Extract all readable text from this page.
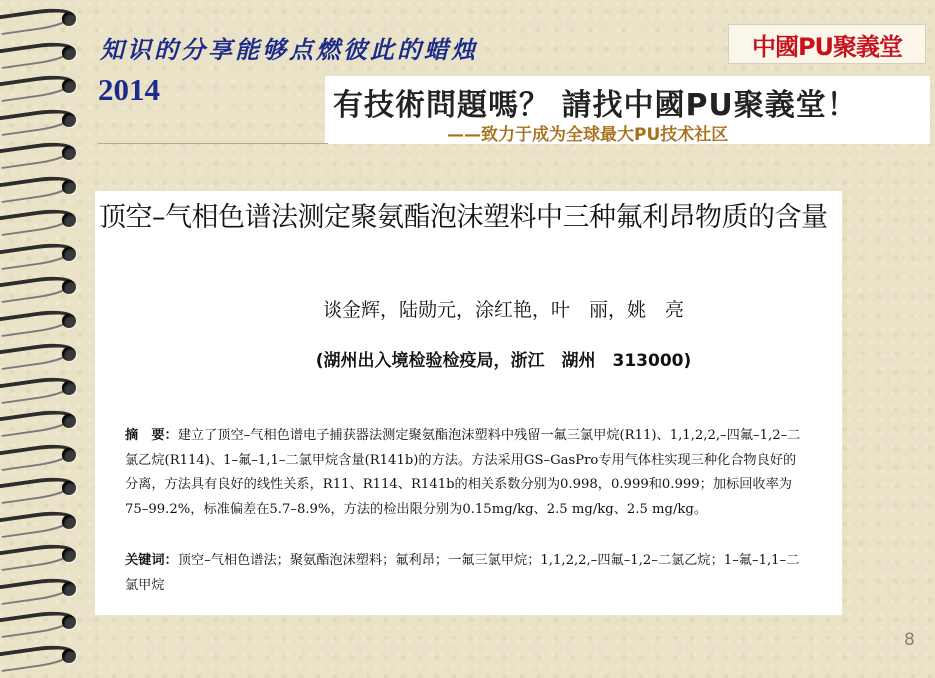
知识的分享能够点燃彼此的蜡烛
2014
中國PU聚義堂
有技術問題嗎？ 請找中國PU聚義堂！
——致力于成为全球最大PU技术社区
顶空–气相色谱法测定聚氨酯泡沫塑料中三种氟利昂物质的含量
谈金辉，陆勋元，涂红艳，叶　丽，姚　亮
(湖州出入境检验检疫局，浙江　湖州　313000)

摘　要：建立了顶空–气相色谱电子捕获器法测定聚氨酯泡沫塑料中残留一氟三氯甲烷(R11)、1,1,2,2,–四氟–1,2–二氯乙烷(R114)、1–氟–1,1–二氯甲烷含量(R141b)的方法。方法采用GS–GasPro专用气体柱实现三种化合物良好的分离，方法具有良好的线性关系，R11、R114、R141b的相关系数分别为0.998，0.999和0.999；加标回收率为75–99.2%，标准偏差在5.7–8.9%，方法的检出限分别为0.15mg/kg、2.5 mg/kg、2.5 mg/kg。

关键词：顶空–气相色谱法；聚氨酯泡沫塑料；氟利昂；一氟三氯甲烷；1,1,2,2,–四氟–1,2–二氯乙烷；1–氟–1,1–二氯甲烷

8
